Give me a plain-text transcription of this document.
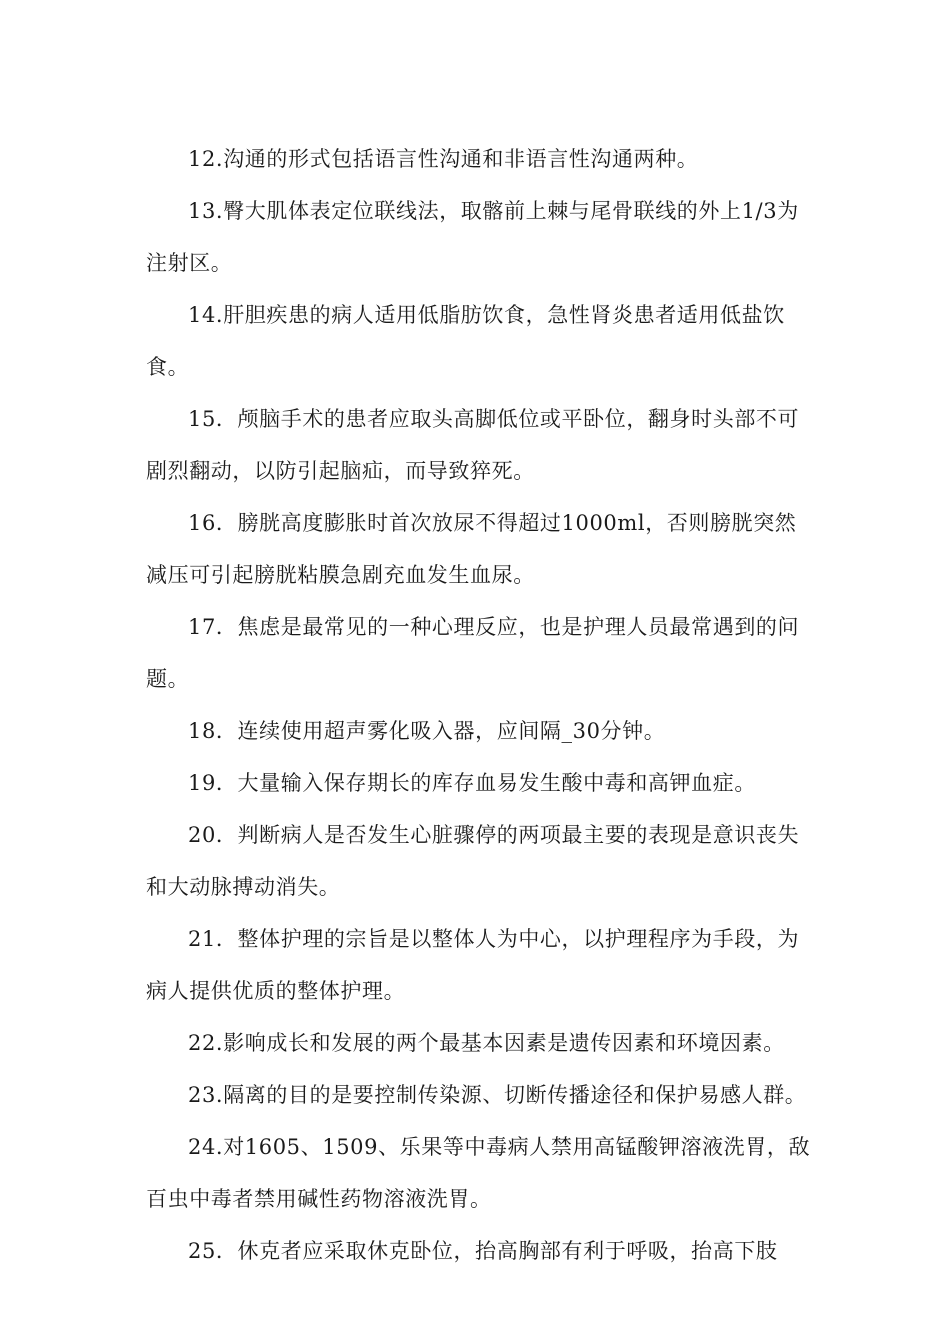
12.沟通的形式包括语言性沟通和非语言性沟通两种。

13.臀大肌体表定位联线法，取髂前上棘与尾骨联线的外上1/3为注射区。

14.肝胆疾患的病人适用低脂肪饮食，急性肾炎患者适用低盐饮食。

15．颅脑手术的患者应取头高脚低位或平卧位，翻身时头部不可剧烈翻动，以防引起脑疝，而导致猝死。

16．膀胱高度膨胀时首次放尿不得超过1000ml，否则膀胱突然减压可引起膀胱粘膜急剧充血发生血尿。

17．焦虑是最常见的一种心理反应，也是护理人员最常遇到的问题。

18．连续使用超声雾化吸入器，应间隔_30分钟。

19．大量输入保存期长的库存血易发生酸中毒和高钾血症。

20．判断病人是否发生心脏骤停的两项最主要的表现是意识丧失和大动脉搏动消失。

21．整体护理的宗旨是以整体人为中心，以护理程序为手段，为病人提供优质的整体护理。

22.影响成长和发展的两个最基本因素是遗传因素和环境因素。

23.隔离的目的是要控制传染源、切断传播途径和保护易感人群。

24.对1605、1509、乐果等中毒病人禁用高锰酸钾溶液洗胃，敌百虫中毒者禁用碱性药物溶液洗胃。

25．休克者应采取休克卧位，抬高胸部有利于呼吸，抬高下肢
